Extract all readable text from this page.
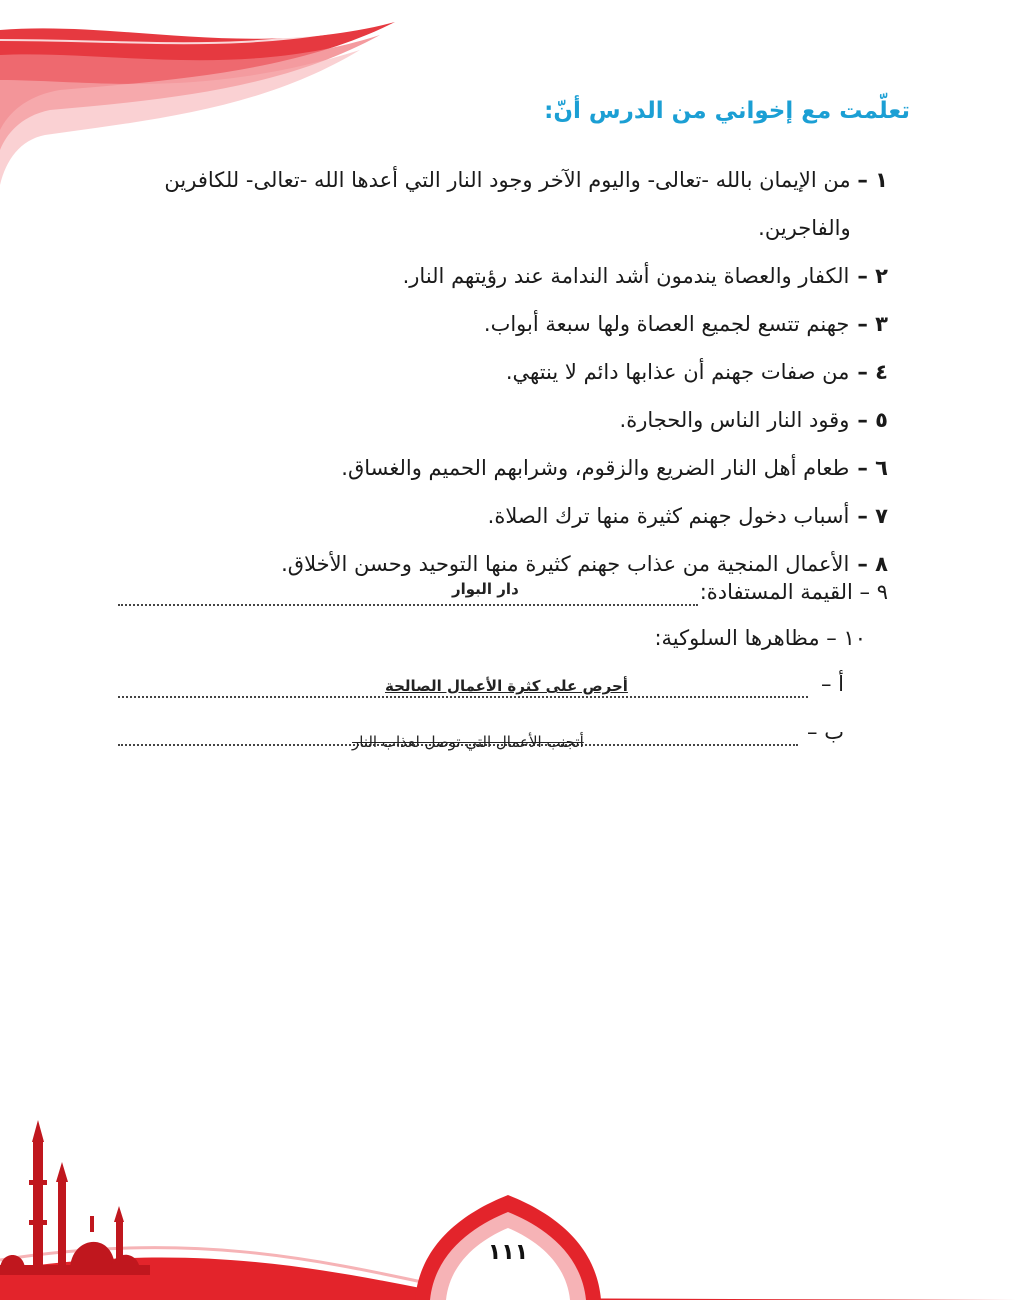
تعلّمت مع إخواني من الدرس أنّ:
١ –
من الإيمان بالله -تعالى- واليوم الآخر وجود النار التي أعدها الله -تعالى- للكافرين والفاجرين.
٢ –
الكفار والعصاة يندمون أشد الندامة عند رؤيتهم النار.
٣ –
جهنم تتسع لجميع العصاة ولها سبعة أبواب.
٤ –
من صفات جهنم أن عذابها دائم لا ينتهي.
٥ –
وقود النار الناس والحجارة.
٦ –
طعام أهل النار الضريع والزقوم، وشرابهم الحميم والغساق.
٧ –
أسباب دخول جهنم كثيرة منها ترك الصلاة.
٨ –
الأعمال المنجية من عذاب جهنم كثيرة منها التوحيد وحسن الأخلاق.
٩ – القيمة المستفادة:
دار البوار
١٠ – مظاهرها السلوكية:
أ –
أحرص على كثرة الأعمال الصالحة
ب –
أتجنب الأعمال التي توصل لعذاب النار
١١١
